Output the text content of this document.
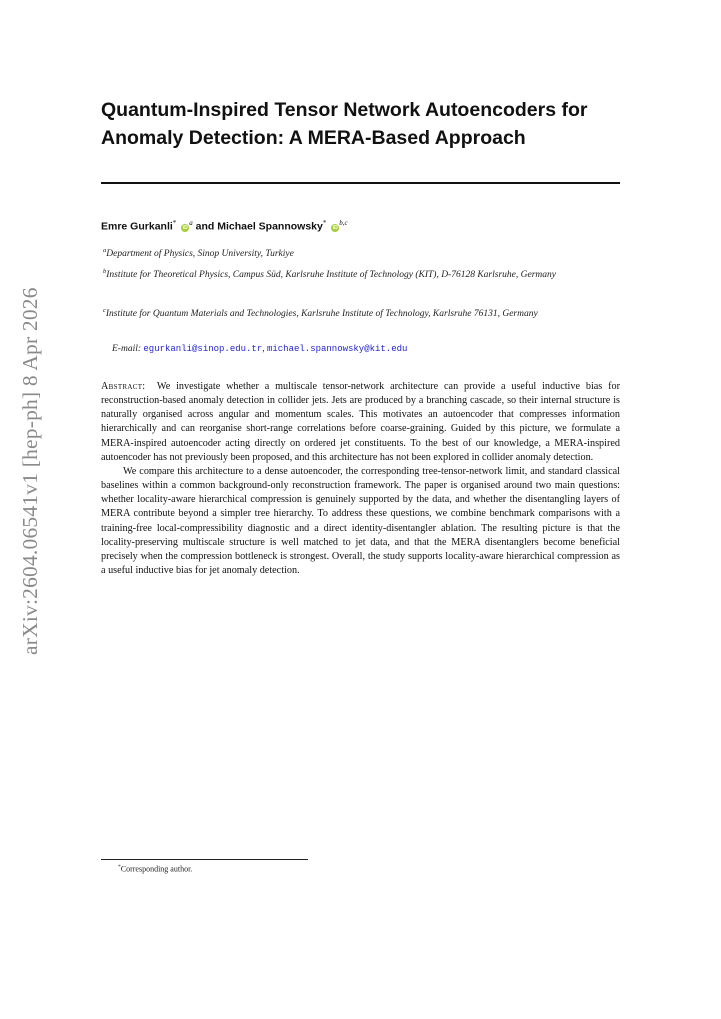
arXiv:2604.06541v1 [hep-ph] 8 Apr 2026
Quantum-Inspired Tensor Network Autoencoders for
Anomaly Detection: A MERA-Based Approach
Emre Gurkanli* $iD^a$ and Michael Spannowsky* iD$^{b,c}$
$^a$Department of Physics, Sinop University, Turkiye
$^b$Institute for Theoretical Physics, Campus Süd, Karlsruhe Institute of Technology (KIT), D-76128 Karlsruhe, Germany
$^c$Institute for Quantum Materials and Technologies, Karlsruhe Institute of Technology, Karlsruhe 76131, Germany
E-mail: egurkanli@sinop.edu.tr, michael.spannowsky@kit.edu

Abstract: We investigate whether a multiscale tensor-network architecture can provide a useful inductive bias for reconstruction-based anomaly detection in collider jets. Jets are produced by a branching cascade, so their internal structure is naturally organised across angular and momentum scales. This motivates an autoencoder that compresses information hierarchically and can reorganise short-range correlations before coarse-graining. Guided by this picture, we formulate a MERA-inspired autoencoder acting directly on ordered jet constituents. To the best of our knowledge, a MERA-inspired autoencoder has not previously been proposed, and this architecture has not been explored in collider anomaly detection.

We compare this architecture to a dense autoencoder, the corresponding tree-tensor-network limit, and standard classical baselines within a common background-only reconstruction framework. The paper is organised around two main questions: whether locality-aware hierarchical compression is genuinely supported by the data, and whether the disentangling layers of MERA contribute beyond a simpler tree hierarchy. To address these questions, we combine benchmark comparisons with a training-free local-compressibility diagnostic and a direct identity-disentangler ablation. The resulting picture is that the locality-preserving multiscale structure is well matched to jet data, and that the MERA disentanglers become beneficial precisely when the compression bottleneck is strongest. Overall, the study supports locality-aware hierarchical compression as a useful inductive bias for jet anomaly detection.

*Corresponding author.
